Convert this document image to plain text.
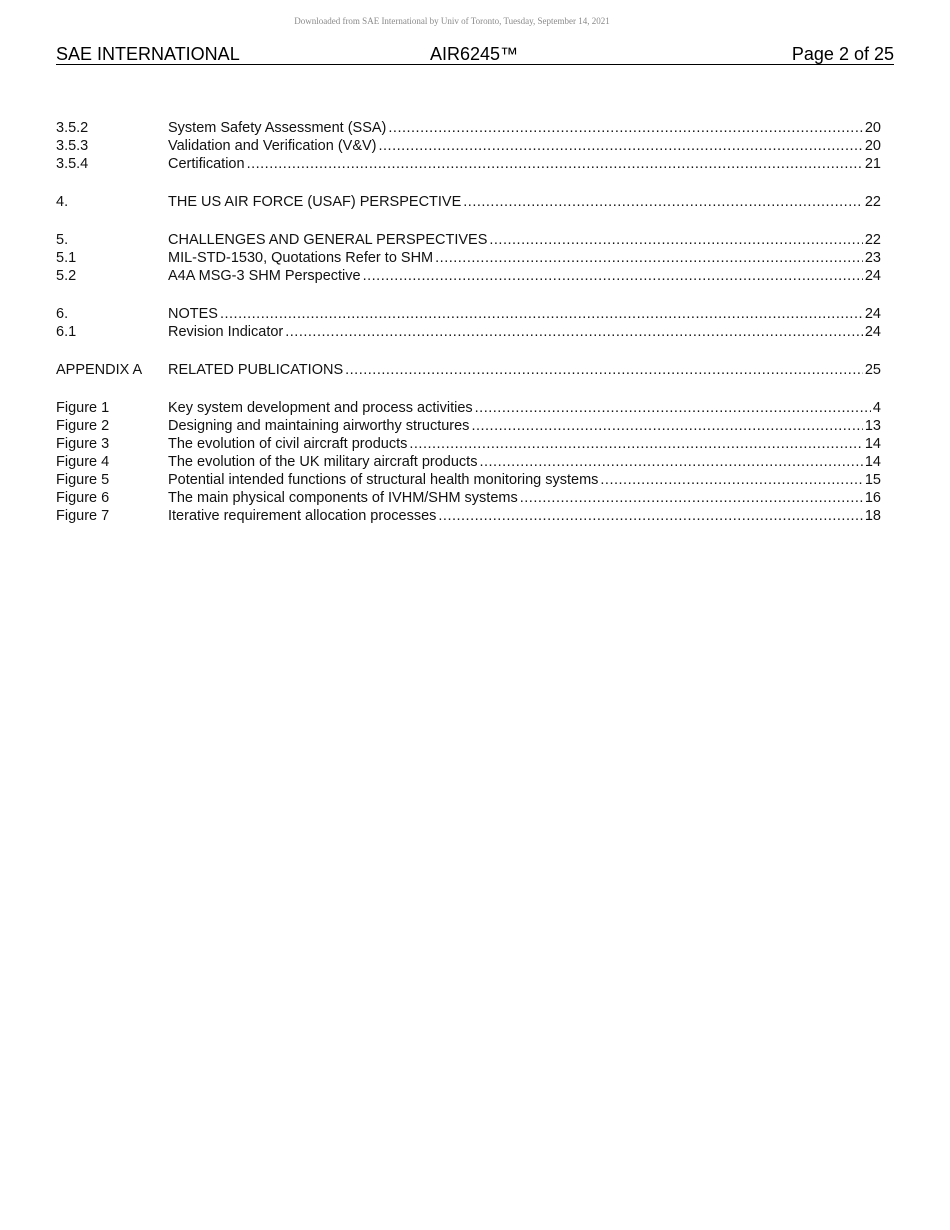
Downloaded from SAE International by Univ of Toronto, Tuesday, September 14, 2021
SAE INTERNATIONAL	AIR6245™	Page 2 of 25
3.5.2	System Safety Assessment (SSA) .....	20
3.5.3	Validation and Verification (V&V) .....	20
3.5.4	Certification .....	21
4.	THE US AIR FORCE (USAF) PERSPECTIVE .....	22
5.	CHALLENGES AND GENERAL PERSPECTIVES .....	22
5.1	MIL-STD-1530, Quotations Refer to SHM .....	23
5.2	A4A MSG-3 SHM Perspective .....	24
6.	NOTES .....	24
6.1	Revision Indicator .....	24
APPENDIX A	RELATED PUBLICATIONS .....	25
Figure 1	Key system development and process activities .....	4
Figure 2	Designing and maintaining airworthy structures .....	13
Figure 3	The evolution of civil aircraft products .....	14
Figure 4	The evolution of the UK military aircraft products .....	14
Figure 5	Potential intended functions of structural health monitoring systems .....	15
Figure 6	The main physical components of IVHM/SHM systems .....	16
Figure 7	Iterative requirement allocation processes .....	18
